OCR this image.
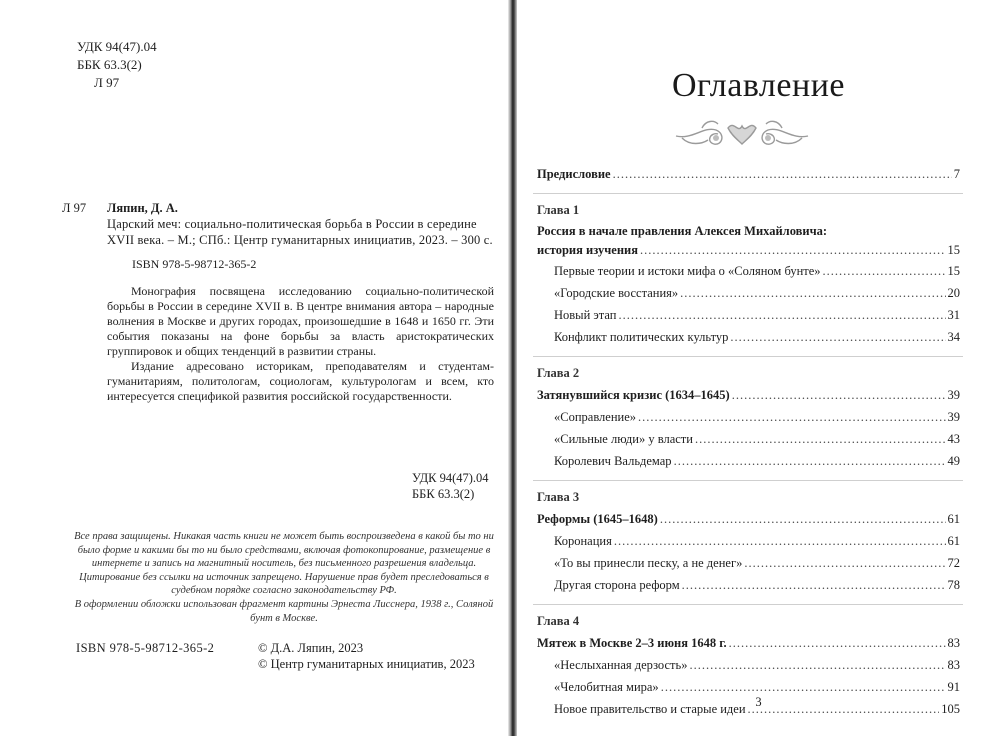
УДК 94(47).04
ББК 63.3(2)
Л 97
Л 97	Ляпин, Д. А.
Царский меч: социально-политическая борьба в России в середине XVII века. – М.; СПб.: Центр гуманитарных инициатив, 2023. – 300 с.
ISBN 978-5-98712-365-2

Монография посвящена исследованию социально-политической борьбы в России в середине XVII в. В центре внимания автора – народные волнения в Москве и других городах, произошедшие в 1648 и 1650 гг. Эти события показаны на фоне борьбы за власть аристократических группировок и общих тенденций в развитии страны.

Издание адресовано историкам, преподавателям и студентам-гуманитариям, политологам, социологам, культурологам и всем, кто интересуется спецификой развития российской государственности.

УДК 94(47).04
ББК 63.3(2)
Все права защищены. Никакая часть книги не может быть воспроизведена в какой бы то ни было форме и какими бы то ни было средствами, включая фотокопирование, размещение в интернете и запись на магнитный носитель, без письменного разрешения владельца.
Цитирование без ссылки на источник запрещено. Нарушение прав будет преследоваться в судебном порядке согласно законодательству РФ.
В оформлении обложки использован фрагмент картины Эрнеста Лисснера, 1938 г., Соляной бунт в Москве.
ISBN 978-5-98712-365-2	© Д.А. Ляпин, 2023
© Центр гуманитарных инициатив, 2023
Оглавление
Предисловие .....	7
Глава 1
Россия в начале правления Алексея Михайловича:
история изучения .....	15
Первые теории и истоки мифа о «Соляном бунте» .....	15
«Городские восстания» .....	20
Новый этап .....	31
Конфликт политических культур .....	34
Глава 2
Затянувшийся кризис (1634–1645) .....	39
«Соправление» .....	39
«Сильные люди» у власти .....	43
Королевич Вальдемар .....	49
Глава 3
Реформы (1645–1648) .....	61
Коронация .....	61
«То вы принесли песку, а не денег» .....	72
Другая сторона реформ .....	78
Глава 4
Мятеж в Москве 2–3 июня 1648 г. .....	83
«Неслыханная дерзость» .....	83
«Челобитная мира» .....	91
Новое правительство и старые идеи .....	105
3
